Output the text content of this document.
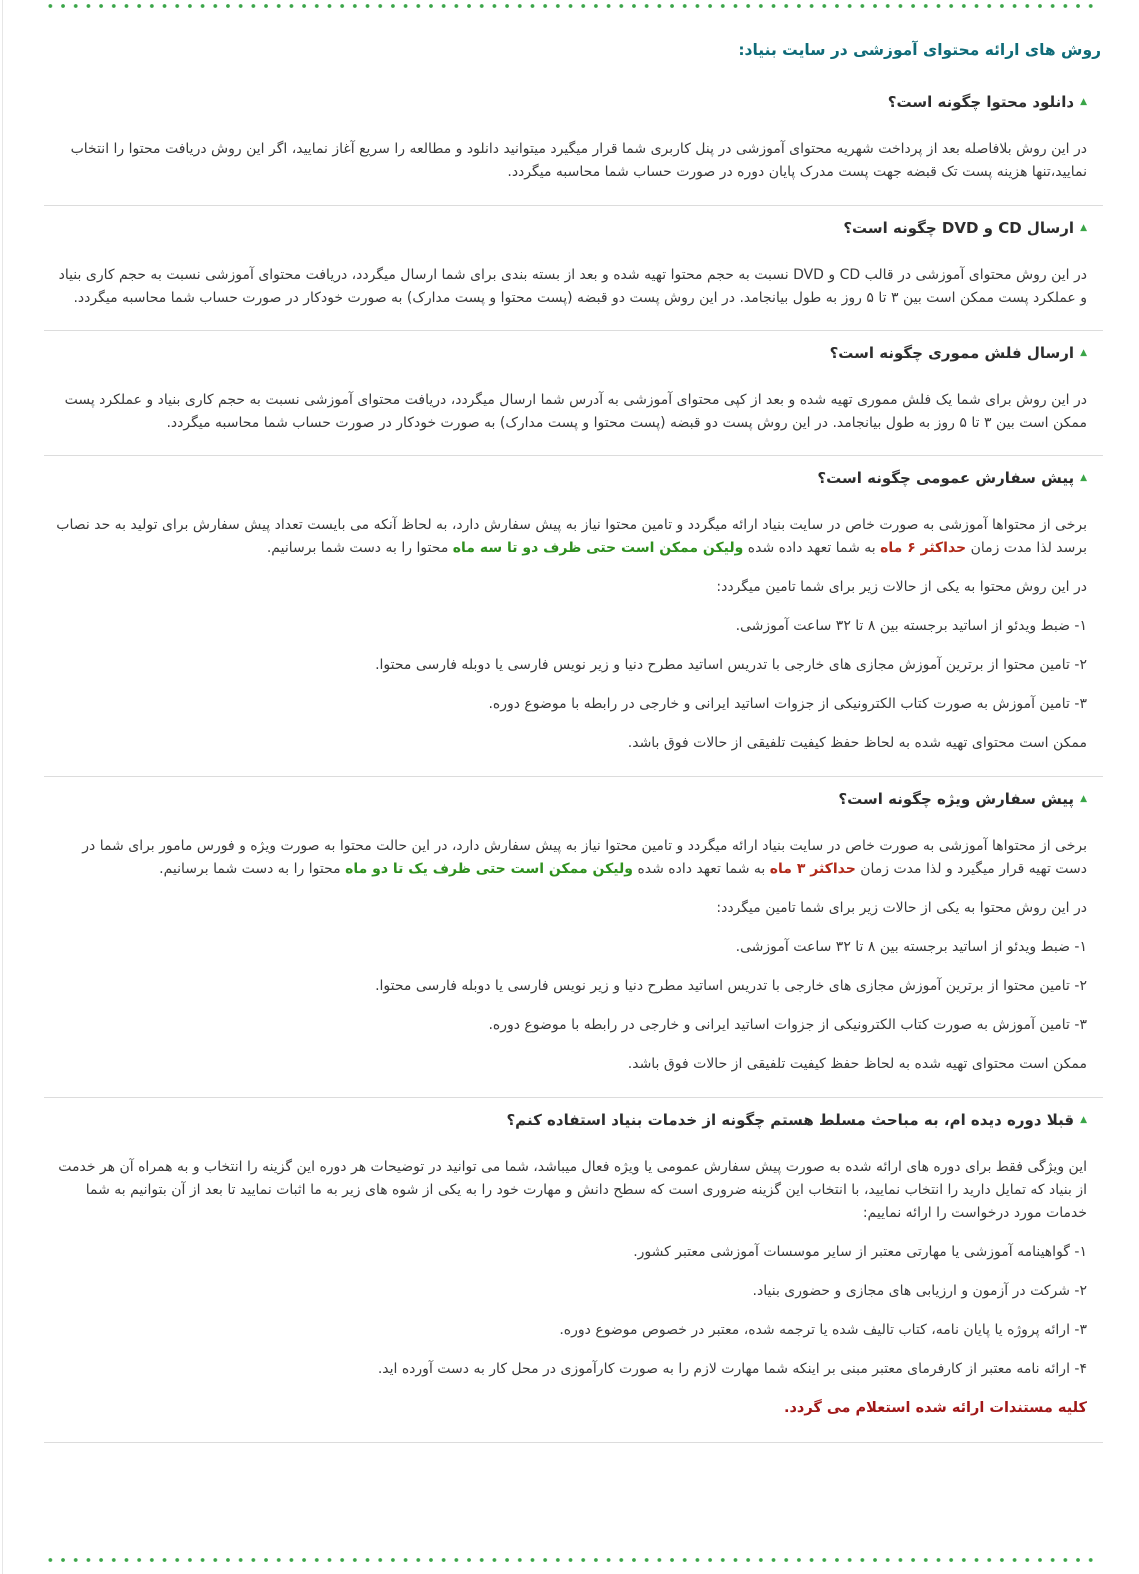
روش های ارائه محتوای آموزشی در سایت بنیاد:
▲
دانلود محتوا چگونه است؟

در این روش بلافاصله بعد از پرداخت شهریه محتوای آموزشی در پنل کاربری شما قرار میگیرد میتوانید دانلود و مطالعه را سریع آغاز نمایید، اگر این روش دریافت محتوا را انتخاب نمایید،تنها هزینه پست تک قبضه جهت پست مدرک پایان دوره در صورت حساب شما محاسبه میگردد.

▲
ارسال CD و DVD چگونه است؟

در این روش محتوای آموزشی در قالب CD و DVD نسبت به حجم محتوا تهیه شده و بعد از بسته بندی برای شما ارسال میگردد، دریافت محتوای آموزشی نسبت به حجم کاری بنیاد و عملکرد پست ممکن است بین ۳ تا ۵ روز به طول بیانجامد. در این روش پست دو قبضه (پست محتوا و پست مدارک) به صورت خودکار در صورت حساب شما محاسبه میگردد.

▲
ارسال فلش مموری چگونه است؟

در این روش برای شما یک فلش مموری تهیه شده و بعد از کپی محتوای آموزشی به آدرس شما ارسال میگردد، دریافت محتوای آموزشی نسبت به حجم کاری بنیاد و عملکرد پست ممکن است بین ۳ تا ۵ روز به طول بیانجامد. در این روش پست دو قبضه (پست محتوا و پست مدارک) به صورت خودکار در صورت حساب شما محاسبه میگردد.

▲
پیش سفارش عمومی چگونه است؟

برخی از محتواها آموزشی به صورت خاص در سایت بنیاد ارائه میگردد و تامین محتوا نیاز به پیش سفارش دارد، به لحاظ آنکه می بایست تعداد پیش سفارش برای تولید به حد نصاب برسد لذا مدت زمان حداکثر ۶ ماه به شما تعهد داده شده ولیکن ممکن است حتی ظرف دو تا سه ماه محتوا را به دست شما برسانیم.

در این روش محتوا به یکی از حالات زیر برای شما تامین میگردد:

۱- ضبط ویدئو از اساتید برجسته بین ۸ تا ۳۲ ساعت آموزشی.

۲- تامین محتوا از برترین آموزش مجازی های خارجی با تدریس اساتید مطرح دنیا و زیر نویس فارسی یا دوبله فارسی محتوا.

۳- تامین آموزش به صورت کتاب الکترونیکی از جزوات اساتید ایرانی و خارجی در رابطه با موضوع دوره.

ممکن است محتوای تهیه شده به لحاظ حفظ کیفیت تلفیقی از حالات فوق باشد.

▲
پیش سفارش ویژه چگونه است؟

برخی از محتواها آموزشی به صورت خاص در سایت بنیاد ارائه میگردد و تامین محتوا نیاز به پیش سفارش دارد، در این حالت محتوا به صورت ویژه و فورس مامور برای شما در دست تهیه قرار میگیرد و لذا مدت زمان حداکثر ۳ ماه به شما تعهد داده شده ولیکن ممکن است حتی ظرف یک تا دو ماه محتوا را به دست شما برسانیم.

در این روش محتوا به یکی از حالات زیر برای شما تامین میگردد:

۱- ضبط ویدئو از اساتید برجسته بین ۸ تا ۳۲ ساعت آموزشی.

۲- تامین محتوا از برترین آموزش مجازی های خارجی با تدریس اساتید مطرح دنیا و زیر نویس فارسی یا دوبله فارسی محتوا.

۳- تامین آموزش به صورت کتاب الکترونیکی از جزوات اساتید ایرانی و خارجی در رابطه با موضوع دوره.

ممکن است محتوای تهیه شده به لحاظ حفظ کیفیت تلفیقی از حالات فوق باشد.

▲
قبلا دوره دیده ام، به مباحث مسلط هستم چگونه از خدمات بنیاد استفاده کنم؟

این ویژگی فقط برای دوره های ارائه شده به صورت پیش سفارش عمومی یا ویژه فعال میباشد، شما می توانید در توضیحات هر دوره این گزینه را انتخاب و به همراه آن هر خدمت از بنیاد که تمایل دارید را انتخاب نمایید، با انتخاب این گزینه ضروری است که سطح دانش و مهارت خود را به یکی از شوه های زیر به ما اثبات نمایید تا بعد از آن بتوانیم به شما خدمات مورد درخواست را ارائه نماییم:

۱- گواهینامه آموزشی یا مهارتی معتبر از سایر موسسات آموزشی معتبر کشور.

۲- شرکت در آزمون و ارزیابی های مجازی و حضوری بنیاد.

۳- ارائه پروژه یا پایان نامه، کتاب تالیف شده یا ترجمه شده، معتبر در خصوص موضوع دوره.

۴- ارائه نامه معتبر از کارفرمای معتبر مبنی بر اینکه شما مهارت لازم را به صورت کارآموزی در محل کار به دست آورده اید.

کلیه مستندات ارائه شده استعلام می گردد.
